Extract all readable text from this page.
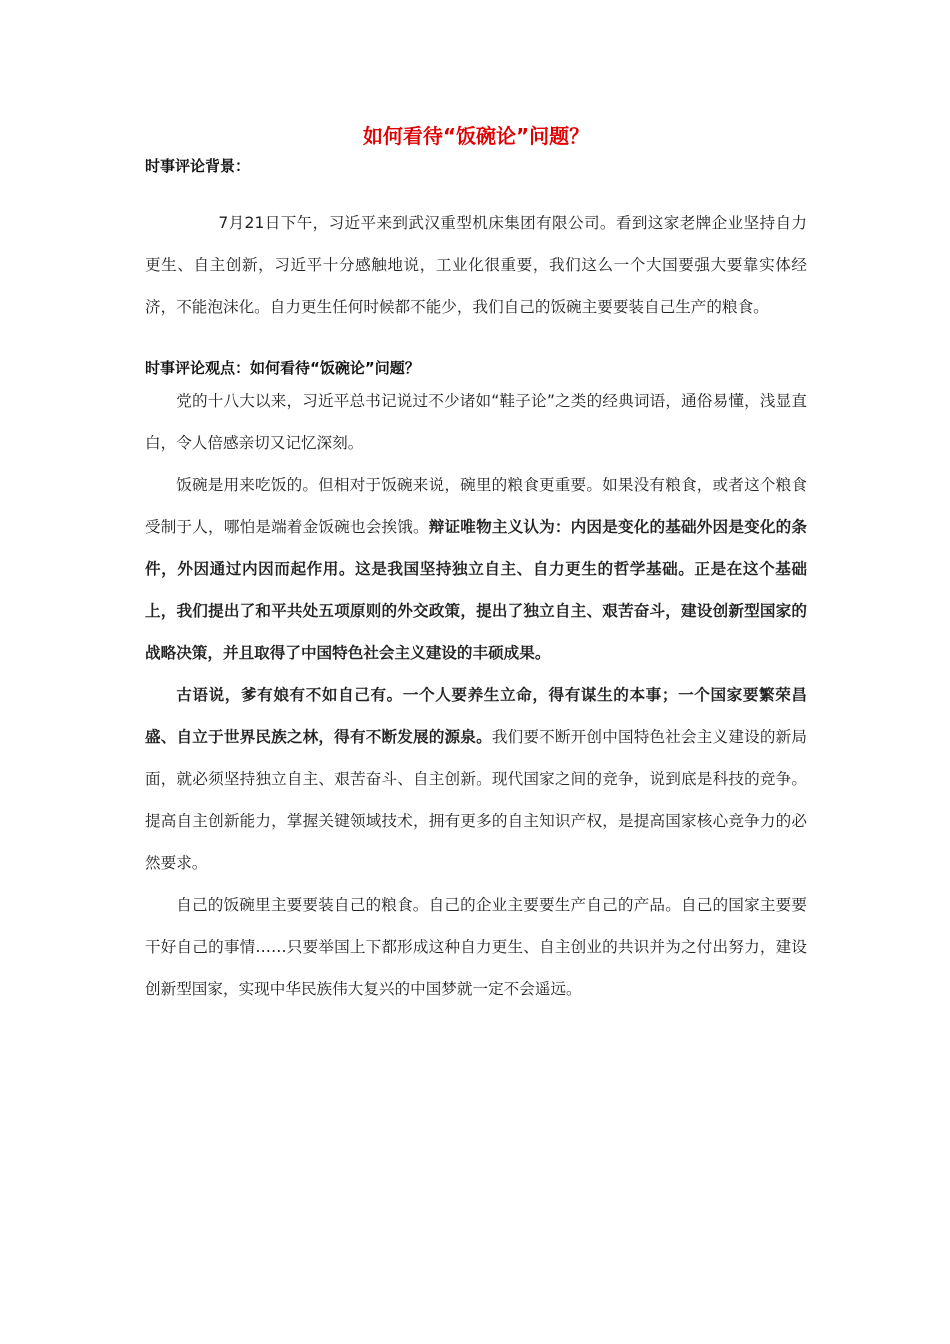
如何看待“饭碗论”问题？

时事评论背景：

7月21日下午，习近平来到武汉重型机床集团有限公司。看到这家老牌企业坚持自力更生、自主创新，习近平十分感触地说，工业化很重要，我们这么一个大国要强大要靠实体经济，不能泡沫化。自力更生任何时候都不能少，我们自己的饭碗主要要装自己生产的粮食。

时事评论观点：如何看待“饭碗论”问题？

党的十八大以来，习近平总书记说过不少诸如“鞋子论”之类的经典词语，通俗易懂，浅显直白，令人倍感亲切又记忆深刻。

饭碗是用来吃饭的。但相对于饭碗来说，碗里的粮食更重要。如果没有粮食，或者这个粮食受制于人，哪怕是端着金饭碗也会挨饿。辩证唯物主义认为：内因是变化的基础外因是变化的条件，外因通过内因而起作用。这是我国坚持独立自主、自力更生的哲学基础。正是在这个基础上，我们提出了和平共处五项原则的外交政策，提出了独立自主、艰苦奋斗，建设创新型国家的战略决策，并且取得了中国特色社会主义建设的丰硕成果。

古语说，爹有娘有不如自己有。一个人要养生立命，得有谋生的本事；一个国家要繁荣昌盛、自立于世界民族之林，得有不断发展的源泉。我们要不断开创中国特色社会主义建设的新局面，就必须坚持独立自主、艰苦奋斗、自主创新。现代国家之间的竞争，说到底是科技的竞争。提高自主创新能力，掌握关键领域技术，拥有更多的自主知识产权，是提高国家核心竞争力的必然要求。

自己的饭碗里主要要装自己的粮食。自己的企业主要要生产自己的产品。自己的国家主要要干好自己的事情……只要举国上下都形成这种自力更生、自主创业的共识并为之付出努力，建设创新型国家，实现中华民族伟大复兴的中国梦就一定不会遥远。
